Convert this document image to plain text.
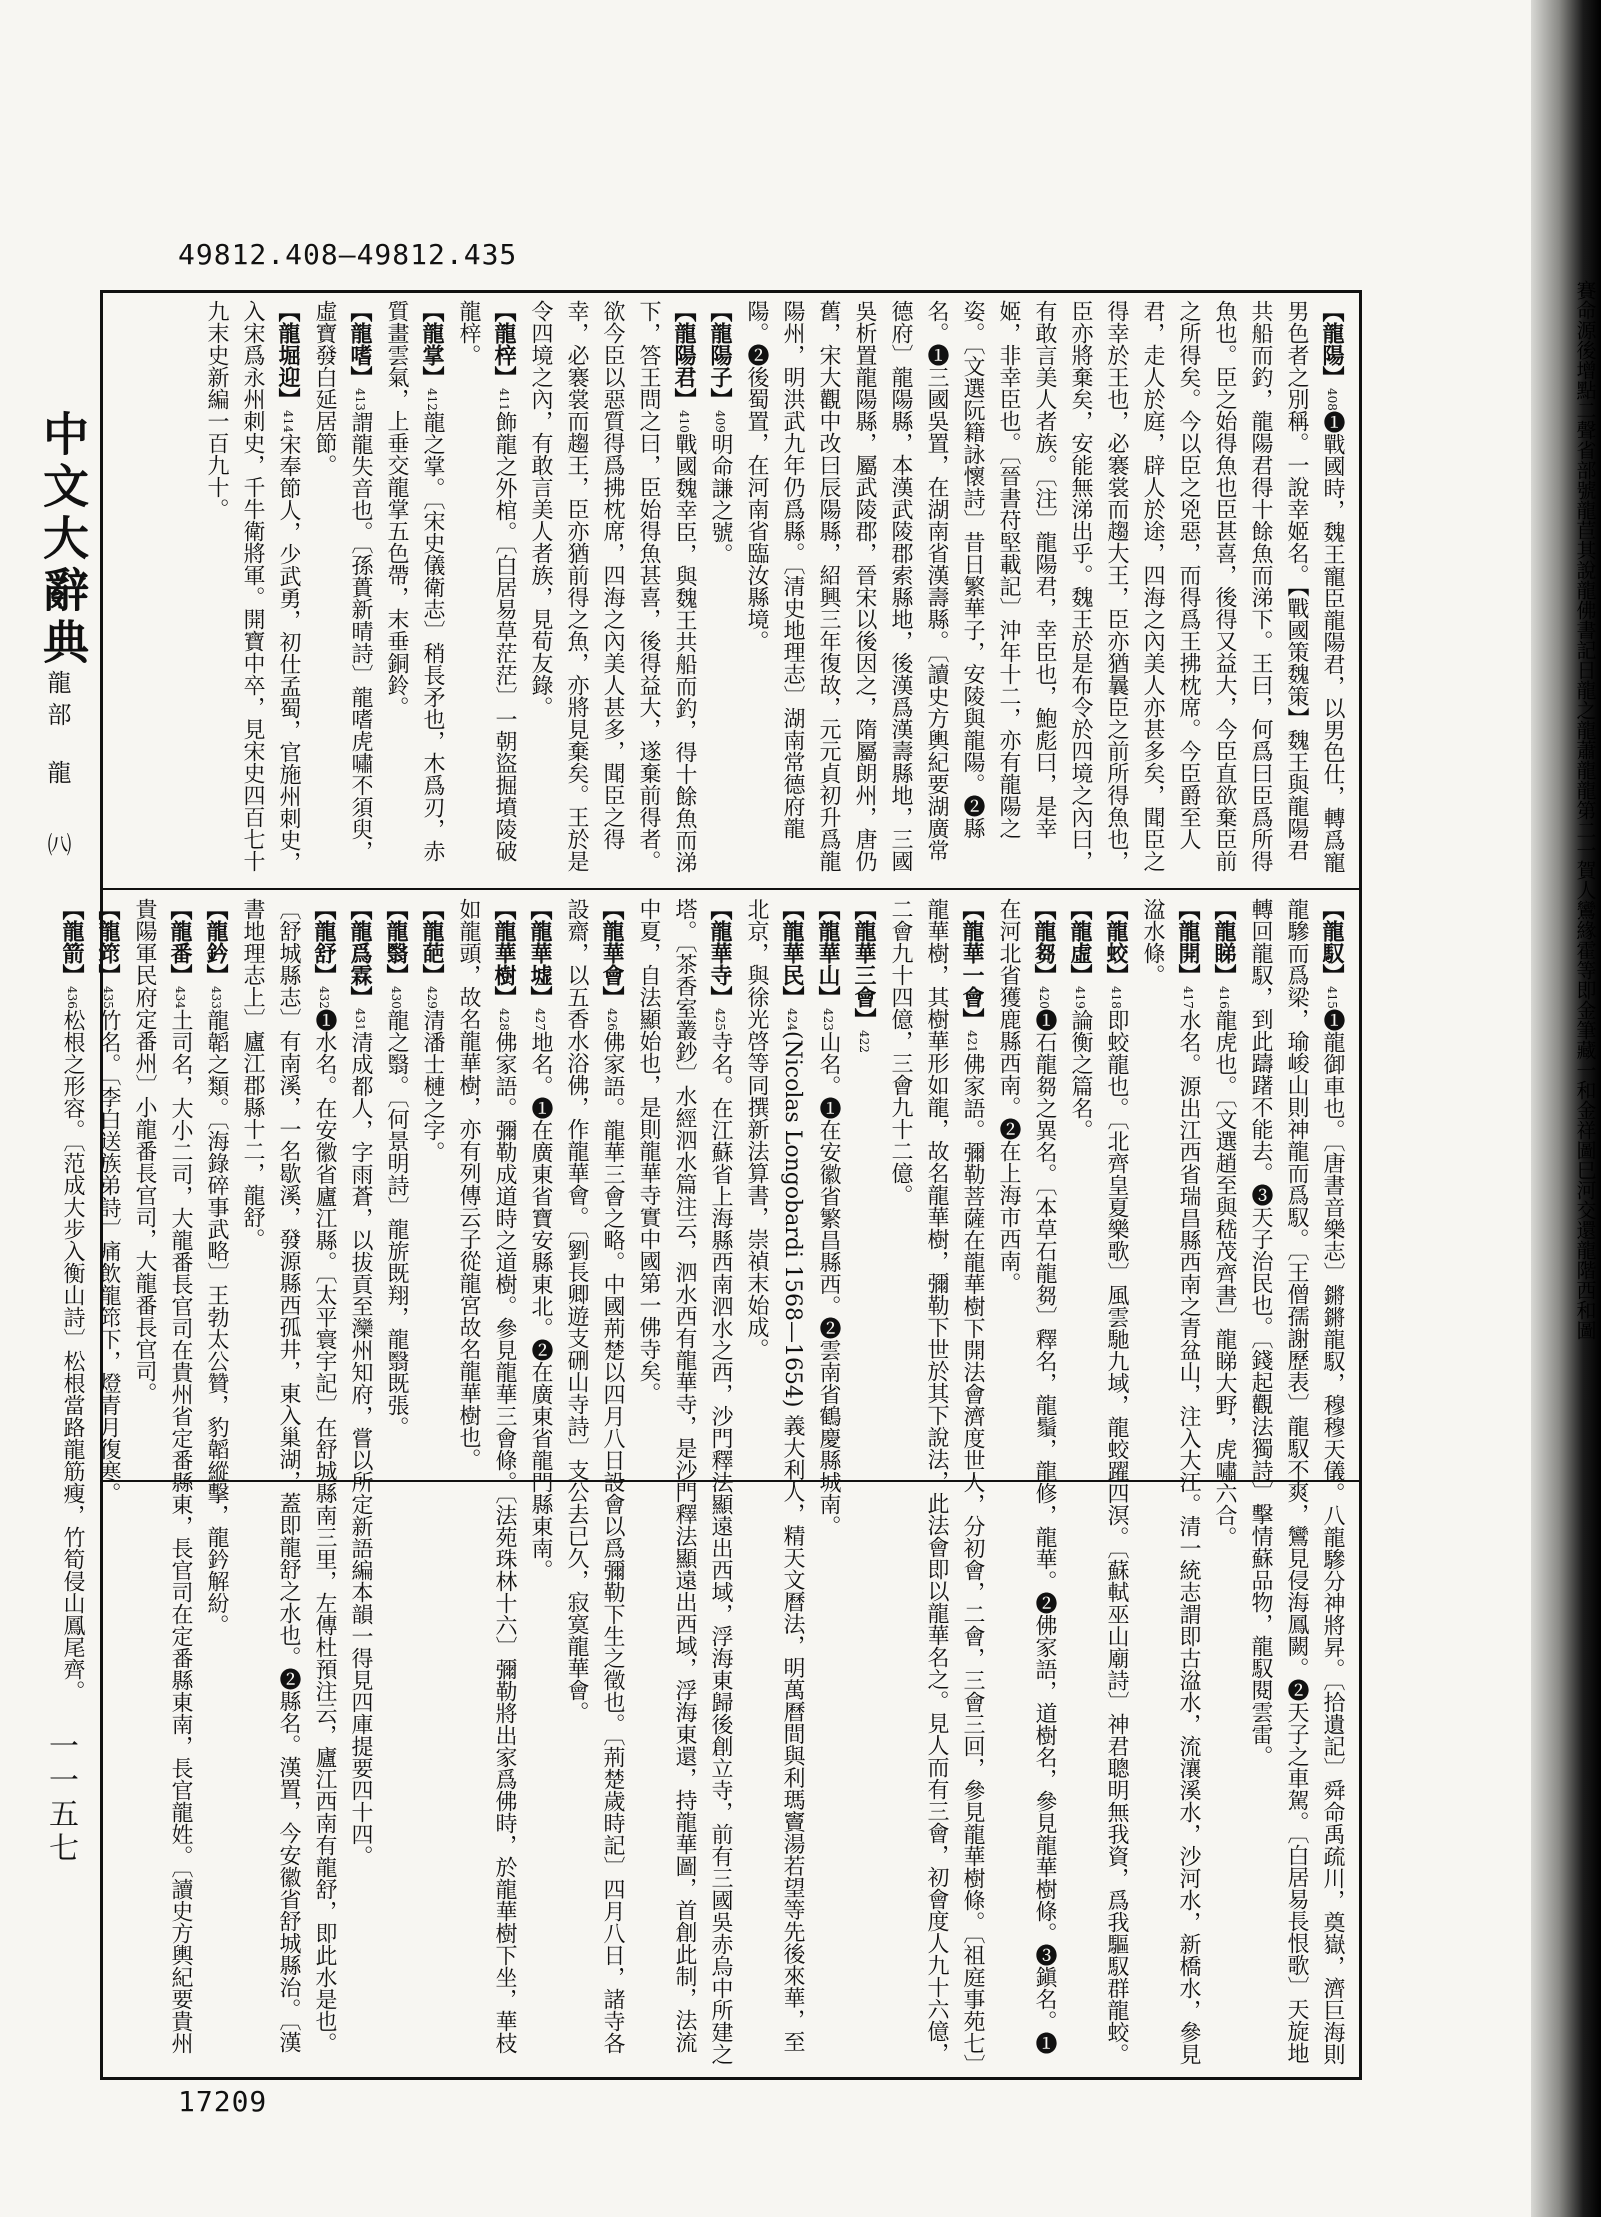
賽命源後增點二聲省部號龍苣其說龍佛書記日龍之龍蕭龍龍第二一賀人鸞緣霍等即金筆藏一和金祥圖巳河交還龍階西和圖
49812.408—49812.435
中文大辭典
龍部
龍 ㈧
一一五七

【龍陽】408❶戰國時，魏王寵臣龍陽君，以男色仕，轉爲寵男色者之別稱。一說幸姬名。【戰國策魏策】魏王與龍陽君共船而釣，龍陽君得十餘魚而涕下。王曰，何爲曰臣爲所得魚也。臣之始得魚也臣甚喜，後得又益大，今臣直欲棄臣前之所得矣。今以臣之兇惡，而得爲王拂枕席。今臣爵至人君，走人於庭，辟人於途，四海之內美人亦甚多矣，聞臣之得幸於王也，必褰裳而趨大王，臣亦猶曩臣之前所得魚也，臣亦將棄矣，安能無涕出乎。魏王於是布令於四境之內曰，有敢言美人者族。〔注〕龍陽君，幸臣也，鮑彪曰，是幸姬，非幸臣也。〔晉書苻堅載記〕沖年十二，亦有龍陽之姿。〔文選阮籍詠懷詩〕昔日繁華子，安陵與龍陽。❷縣名。❶三國吳置，在湖南省漢壽縣。〔讀史方輿紀要湖廣常德府〕龍陽縣，本漢武陵郡索縣地，後漢爲漢壽縣地，三國吳析置龍陽縣，屬武陵郡，晉宋以後因之，隋屬朗州，唐仍舊，宋大觀中改曰辰陽縣，紹興三年復故，元元貞初升爲龍陽州，明洪武九年仍爲縣。〔清史地理志〕湖南常德府龍陽。❷後蜀置，在河南省臨汝縣境。

【龍陽子】409明命謙之號。

【龍陽君】410戰國魏幸臣，與魏王共船而釣，得十餘魚而涕下，答王問之曰，臣始得魚甚喜，後得益大，遂棄前得者。欲今臣以惡質得爲拂枕席，四海之內美人甚多，聞臣之得幸，必褰裳而趨王，臣亦猶前得之魚，亦將見棄矣。王於是令四境之內，有敢言美人者族，見荀友錄。

【龍梓】411飾龍之外棺。〔白居易草茫茫〕一朝盜掘墳陵破龍梓。

【龍掌】412龍之掌。〔宋史儀衛志〕稍長矛也，木爲刃，赤質畫雲氣，上垂交龍掌五色帶，末垂銅鈴。

【龍嗜】413謂龍失音也。〔孫蕢新晴詩〕龍嗜虎嘯不須臾，虛寶發白延居節。

【龍堀迎】414宋奉節人，少武勇，初仕孟蜀，官施州刺史，入宋爲永州刺史，千牛衛將軍。開寶中卒，見宋史四百七十九末史新編一百九十。

【龍馭】415❶龍御車也。〔唐書音樂志〕鏘鏘龍馭，穆穆天儀。八龍驂分神將昇。〔拾遺記〕舜命禹疏川，奠嶽，濟巨海則龍驂而爲梁，瑜峻山則神龍而爲馭。〔王僧孺謝歷表〕龍馭不爽，鸞見侵海鳳闕。❷天子之車駕。〔白居易長恨歌〕天旋地轉回龍馭，到此躊躇不能去。❸天子治民也。〔錢起觀法獨詩〕擊情蘇品物，龍馭閱雲雷。

【龍睇】416龍虎也。〔文選趙至與嵇茂齊書〕龍睇大野，虎嘯六合。

【龍開】417水名。源出江西省瑞昌縣西南之青盆山，注入大江。清一統志謂即古湓水，流瀼溪水，沙河水，新橋水，參見湓水條。

【龍蛟】418即蛟龍也。〔北齊皇夏樂歌〕風雲馳九域，龍蛟躍四溟。〔蘇軾巫山廟詩〕神君聰明無我資，爲我驅馭群龍蛟。

【龍虛】419論衡之篇名。

【龍芻】420❶石龍芻之異名。〔本草石龍芻〕釋名，龍鬚，龍修，龍華。❷佛家語，道樹名，參見龍華樹條。❸鎭名。❶在河北省獲鹿縣西南。❷在上海市西南。

【龍華一會】421佛家語。彌勒菩薩在龍華樹下開法會濟度世人，分初會，二會，三會三回，參見龍華樹條。〔祖庭事苑七〕龍華樹，其樹華形如龍，故名龍華樹，彌勒下世於其下說法，此法會即以龍華名之。見人而有三會，初會度人九十六億，二會九十四億，三會九十二億。

【龍華三會】422

【龍華山】423山名。❶在安徽省繁昌縣西。❷雲南省鶴慶縣城南。

【龍華民】424(Nicolas Longobardi 1568—1654) 義大利人，精天文曆法，明萬曆間與利瑪竇湯若望等先後來華，至北京，與徐光啓等同撰新法算書，崇禎末始成。

【龍華寺】425寺名。在江蘇省上海縣西南泗水之西，沙門釋法顯遠出西域，浮海東歸後創立寺，前有三國吳赤烏中所建之塔。〔茶香室叢鈔〕水經泗水篇注云，泗水西有龍華寺，是沙門釋法顯遠出西域，浮海東還，持龍華圖，首創此制，法流中夏，自法顯始也，是則龍華寺實中國第一佛寺矣。

【龍華會】426佛家語。龍華三會之略。中國荊楚以四月八日設會以爲彌勒下生之徵也。〔荊楚歲時記〕四月八日，諸寺各設齋，以五香水浴佛，作龍華會。〔劉長卿遊支硎山寺詩〕支公去已久，寂寞龍華會。

【龍華墟】427地名。❶在廣東省寶安縣東北。❷在廣東省龍門縣東南。

【龍華樹】428佛家語。彌勒成道時之道樹。參見龍華三會條。〔法苑珠林十六〕彌勒將出家爲佛時，於龍華樹下坐，華枝如龍頭，故名龍華樹，亦有列傳云子從龍宮故名龍華樹也。

【龍葩】429清潘士槤之字。

【龍翳】430龍之翳。〔何景明詩〕龍旂既翔，龍翳既張。

【龍爲霖】431清成都人，字雨蒼，以拔貢至灤州知府，嘗以所定新語編本韻一得見四庫提要四十四。

【龍舒】432❶水名。在安徽省廬江縣。〔太平寰宇記〕在舒城縣南三里，左傳杜預注云，廬江西南有龍舒，即此水是也。〔舒城縣志〕有南溪，一名歇溪，發源縣西孤井，東入巢湖，蓋即龍舒之水也。❷縣名。漢置，今安徽省舒城縣治。〔漢書地理志上〕廬江郡縣十二，龍舒。

【龍鈐】433龍韜之類。〔海錄碎事武略〕王勃太公贊，豹韜縱擊，龍鈐解紛。

【龍番】434土司名，大小二司，大龍番長官司在貴州省定番縣東，長官司在定番縣東南，長官龍姓。〔讀史方輿紀要貴州貴陽軍民府定番州〕小龍番長官司，大龍番長官司。

【龍筇】435竹名。〔李白送族弟詩〕痛飲龍筇下，燈青月復寒。

【龍箭】436松根之形容。〔范成大步入衡山詩〕松根當路龍筋瘦，竹筍侵山鳳尾齊。

17209
